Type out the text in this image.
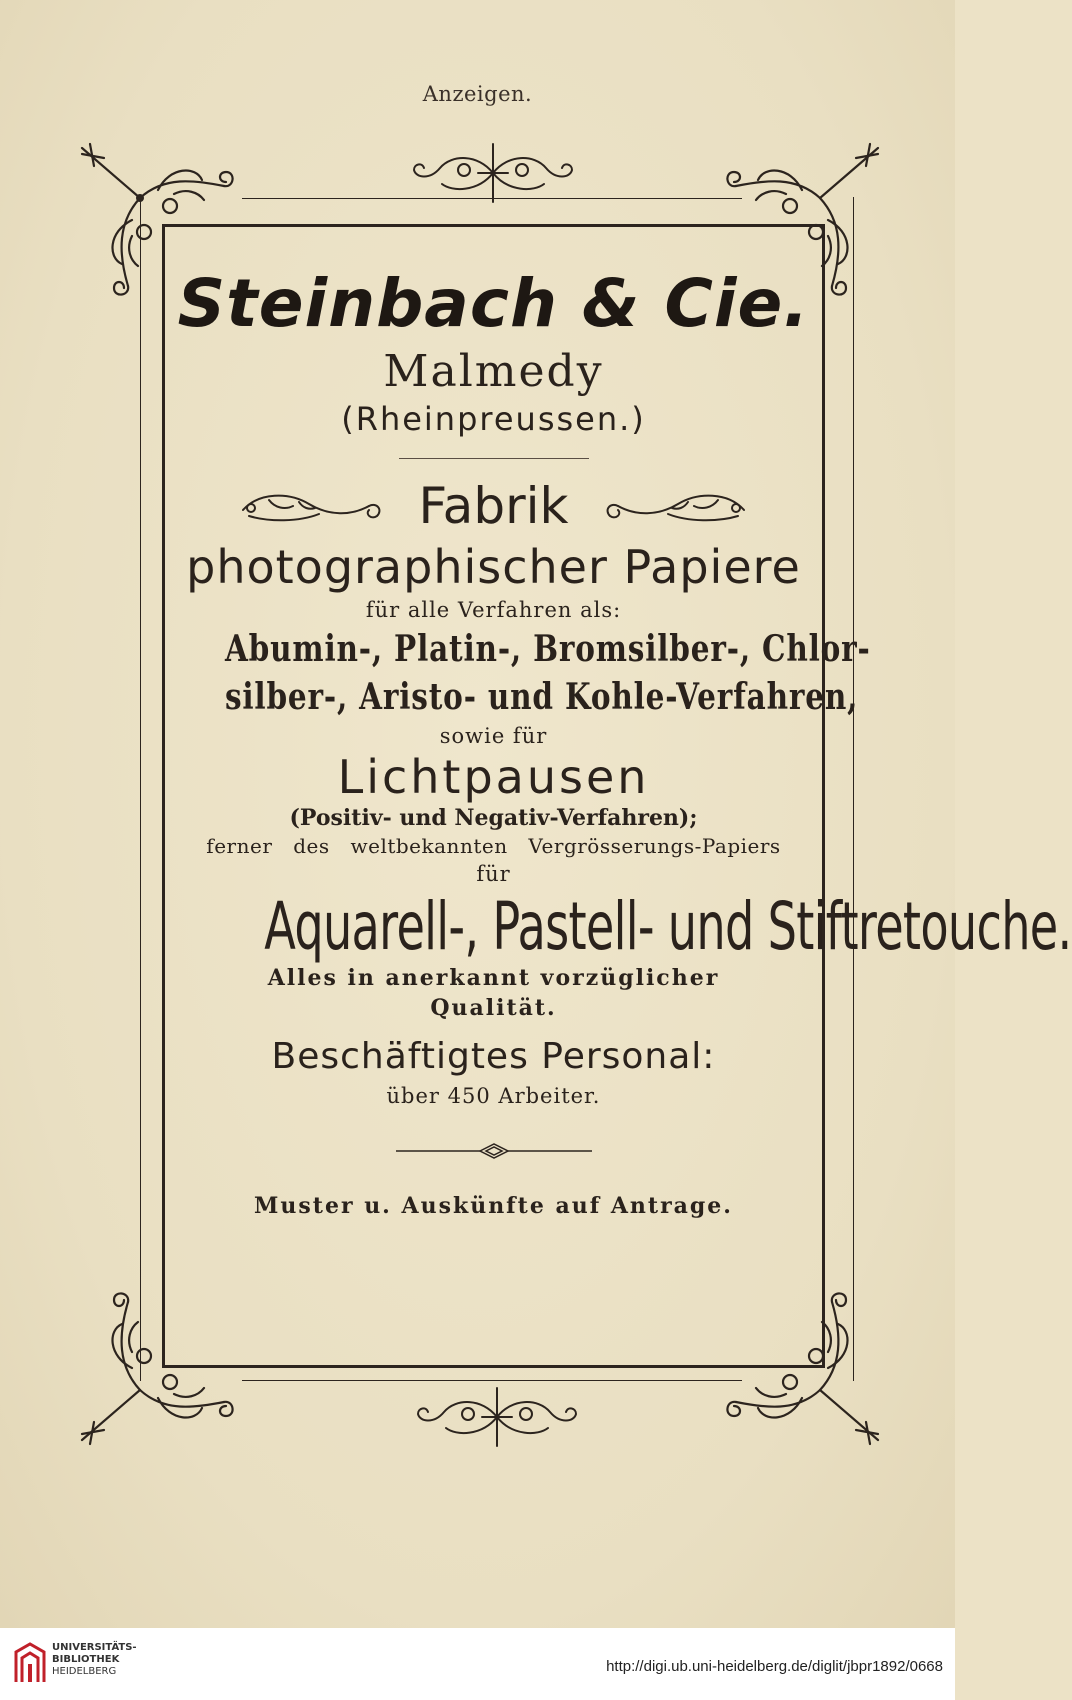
Anzeigen.
Steinbach & Cie.
Malmedy
(Rheinpreussen.)
Fabrik
photographischer Papiere
für alle Verfahren als:
Abumin-, Platin-, Bromsilber-, Chlor-
silber-, Aristo- und Kohle-Verfahren,
sowie für
Lichtpausen
(Positiv- und Negativ-Verfahren);
ferner des weltbekannten Vergrösserungs-Papiers
für
Aquarell-, Pastell- und Stiftretouche.
Alles in anerkannt vorzüglicher
Qualität.
Beschäftigtes Personal:
über 450 Arbeiter.
Muster u. Auskünfte auf Antrage.
UNIVERSITÄTS-
BIBLIOTHEK
HEIDELBERG	http://digi.ub.uni-heidelberg.de/diglit/jbpr1892/0668
